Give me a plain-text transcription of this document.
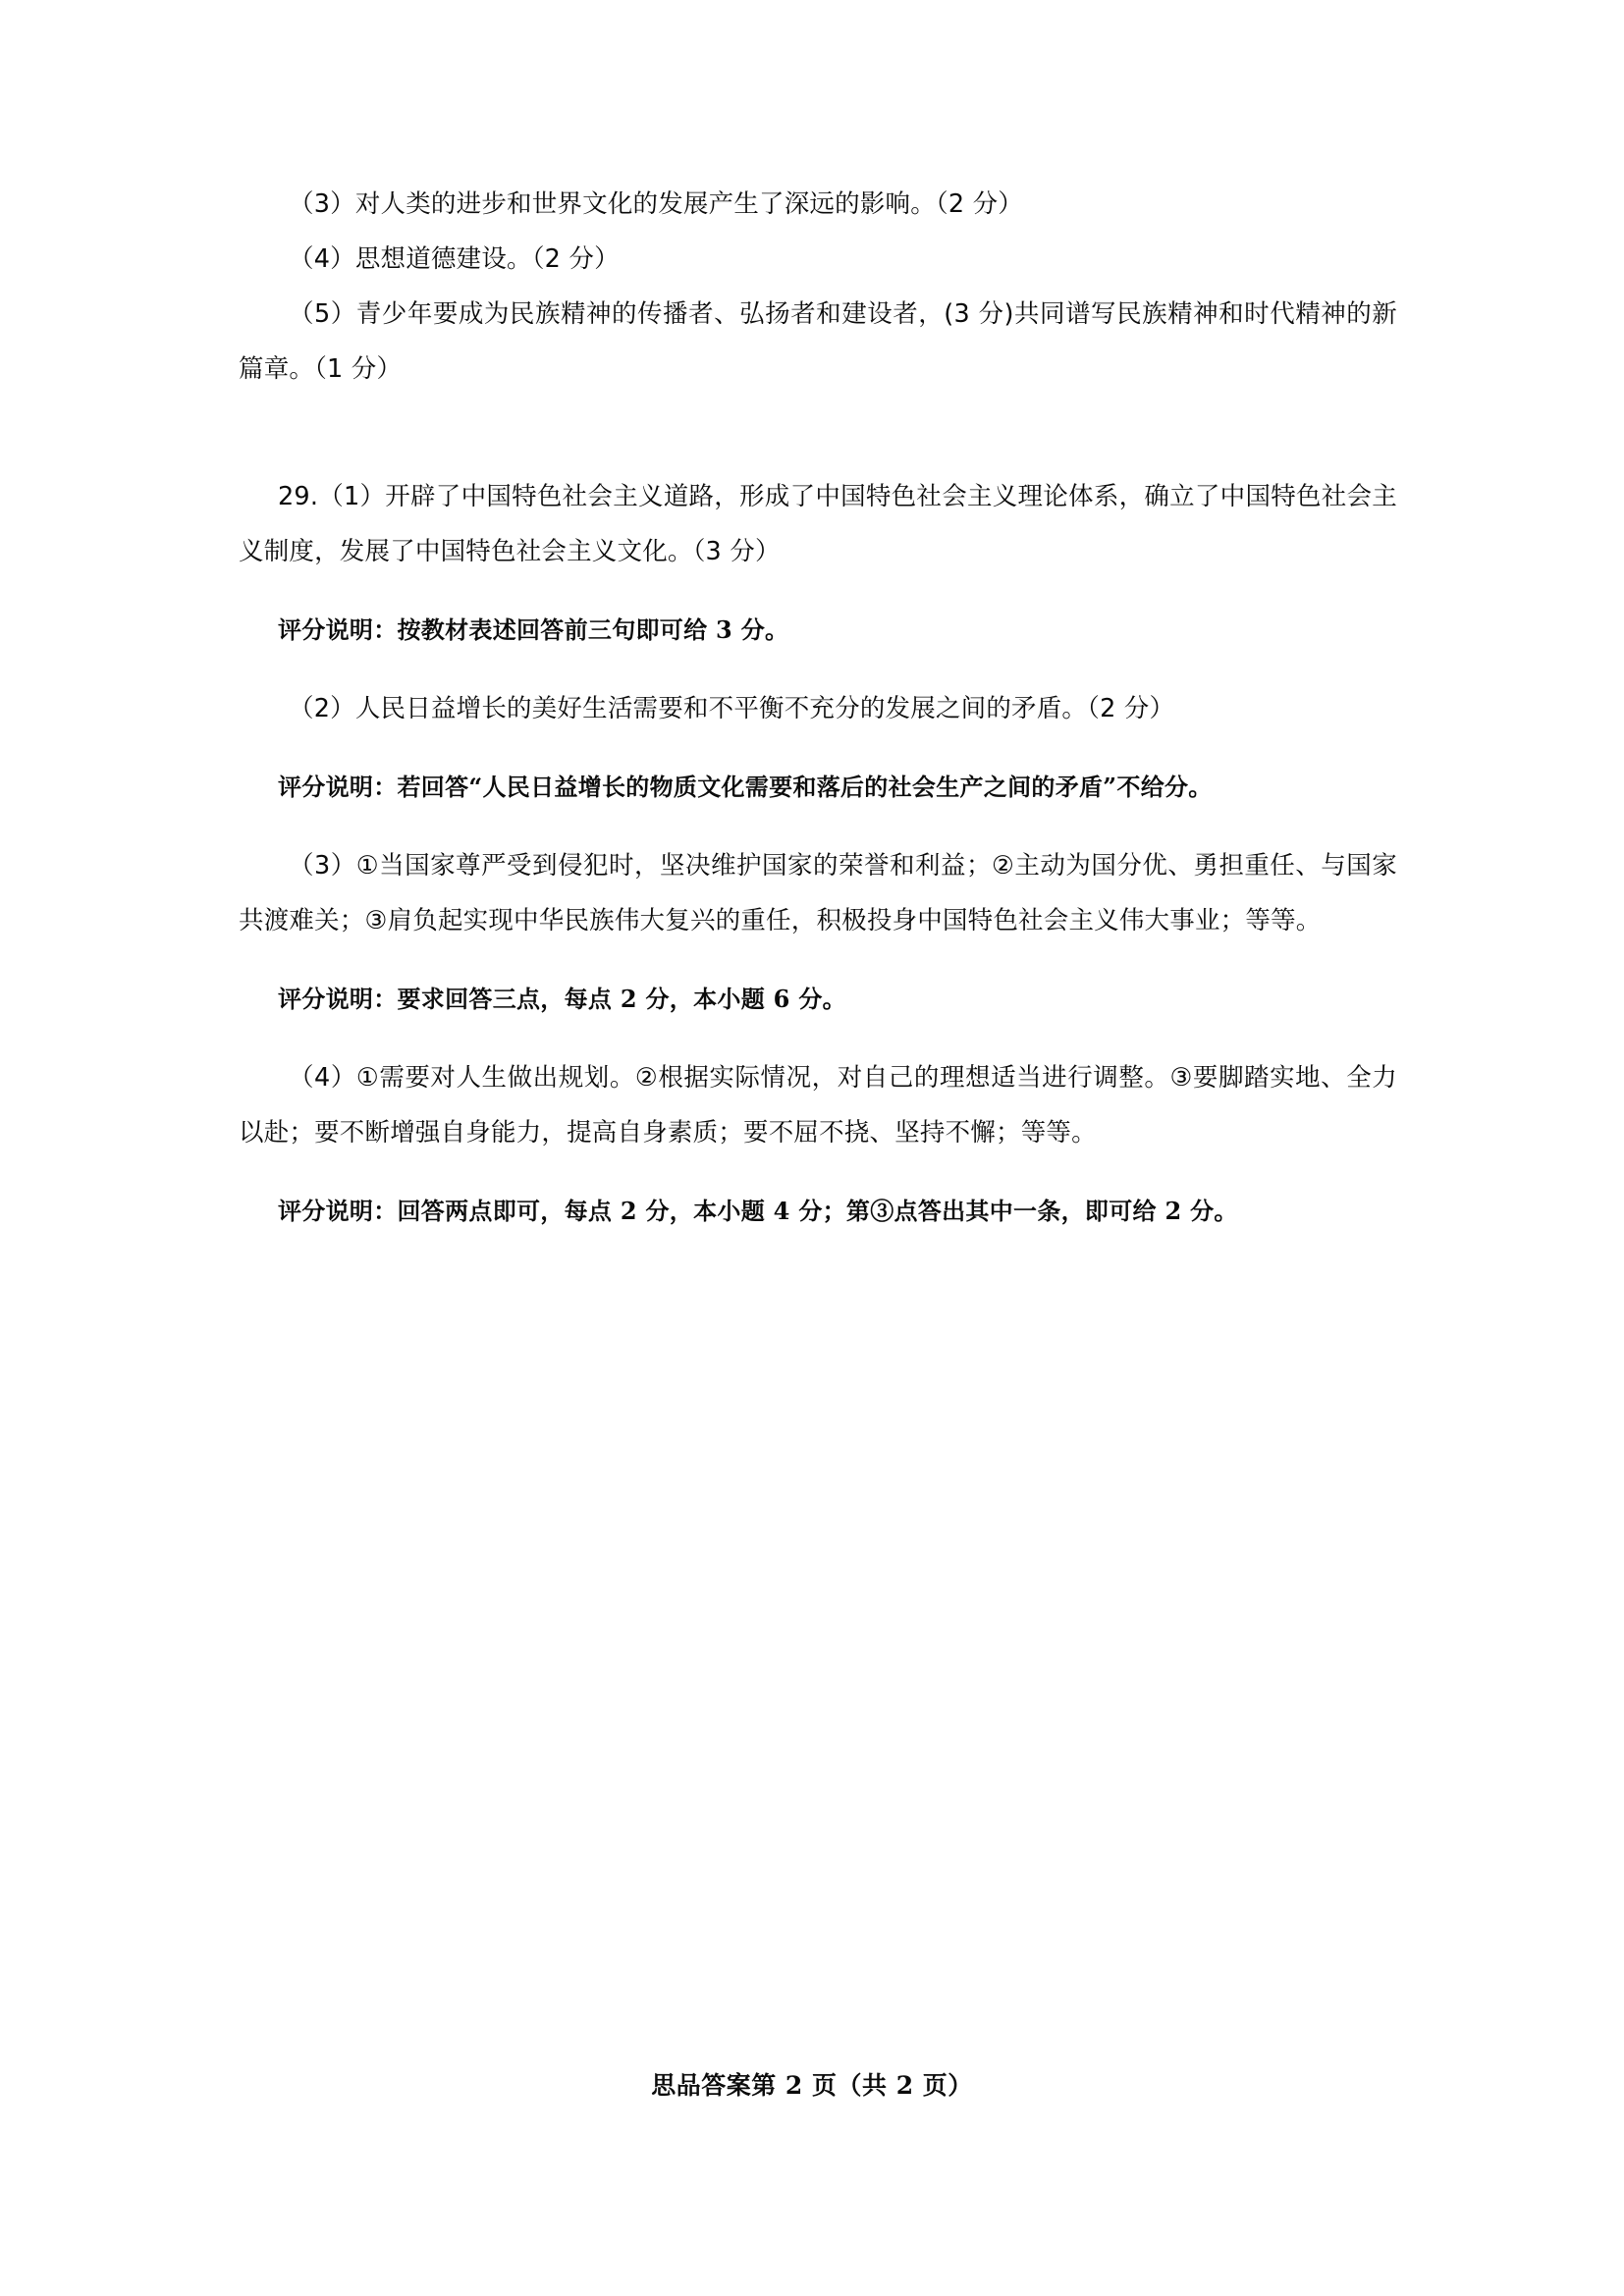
（3）对人类的进步和世界文化的发展产生了深远的影响。（2 分）

（4）思想道德建设。（2 分）

（5）青少年要成为民族精神的传播者、弘扬者和建设者，(3 分)共同谱写民族精神和时代精神的新篇章。（1 分）

29.（1）开辟了中国特色社会主义道路，形成了中国特色社会主义理论体系，确立了中国特色社会主义制度，发展了中国特色社会主义文化。（3 分）

评分说明：按教材表述回答前三句即可给 3 分。

（2）人民日益增长的美好生活需要和不平衡不充分的发展之间的矛盾。（2 分）

评分说明：若回答“人民日益增长的物质文化需要和落后的社会生产之间的矛盾”不给分。

（3）①当国家尊严受到侵犯时，坚决维护国家的荣誉和利益；②主动为国分优、勇担重任、与国家共渡难关；③肩负起实现中华民族伟大复兴的重任，积极投身中国特色社会主义伟大事业；等等。

评分说明：要求回答三点，每点 2 分，本小题 6 分。

（4）①需要对人生做出规划。②根据实际情况，对自己的理想适当进行调整。③要脚踏实地、全力以赴；要不断增强自身能力，提高自身素质；要不屈不挠、坚持不懈；等等。

评分说明：回答两点即可，每点 2 分，本小题 4 分；第③点答出其中一条，即可给 2 分。

思品答案第 2 页（共 2 页）
